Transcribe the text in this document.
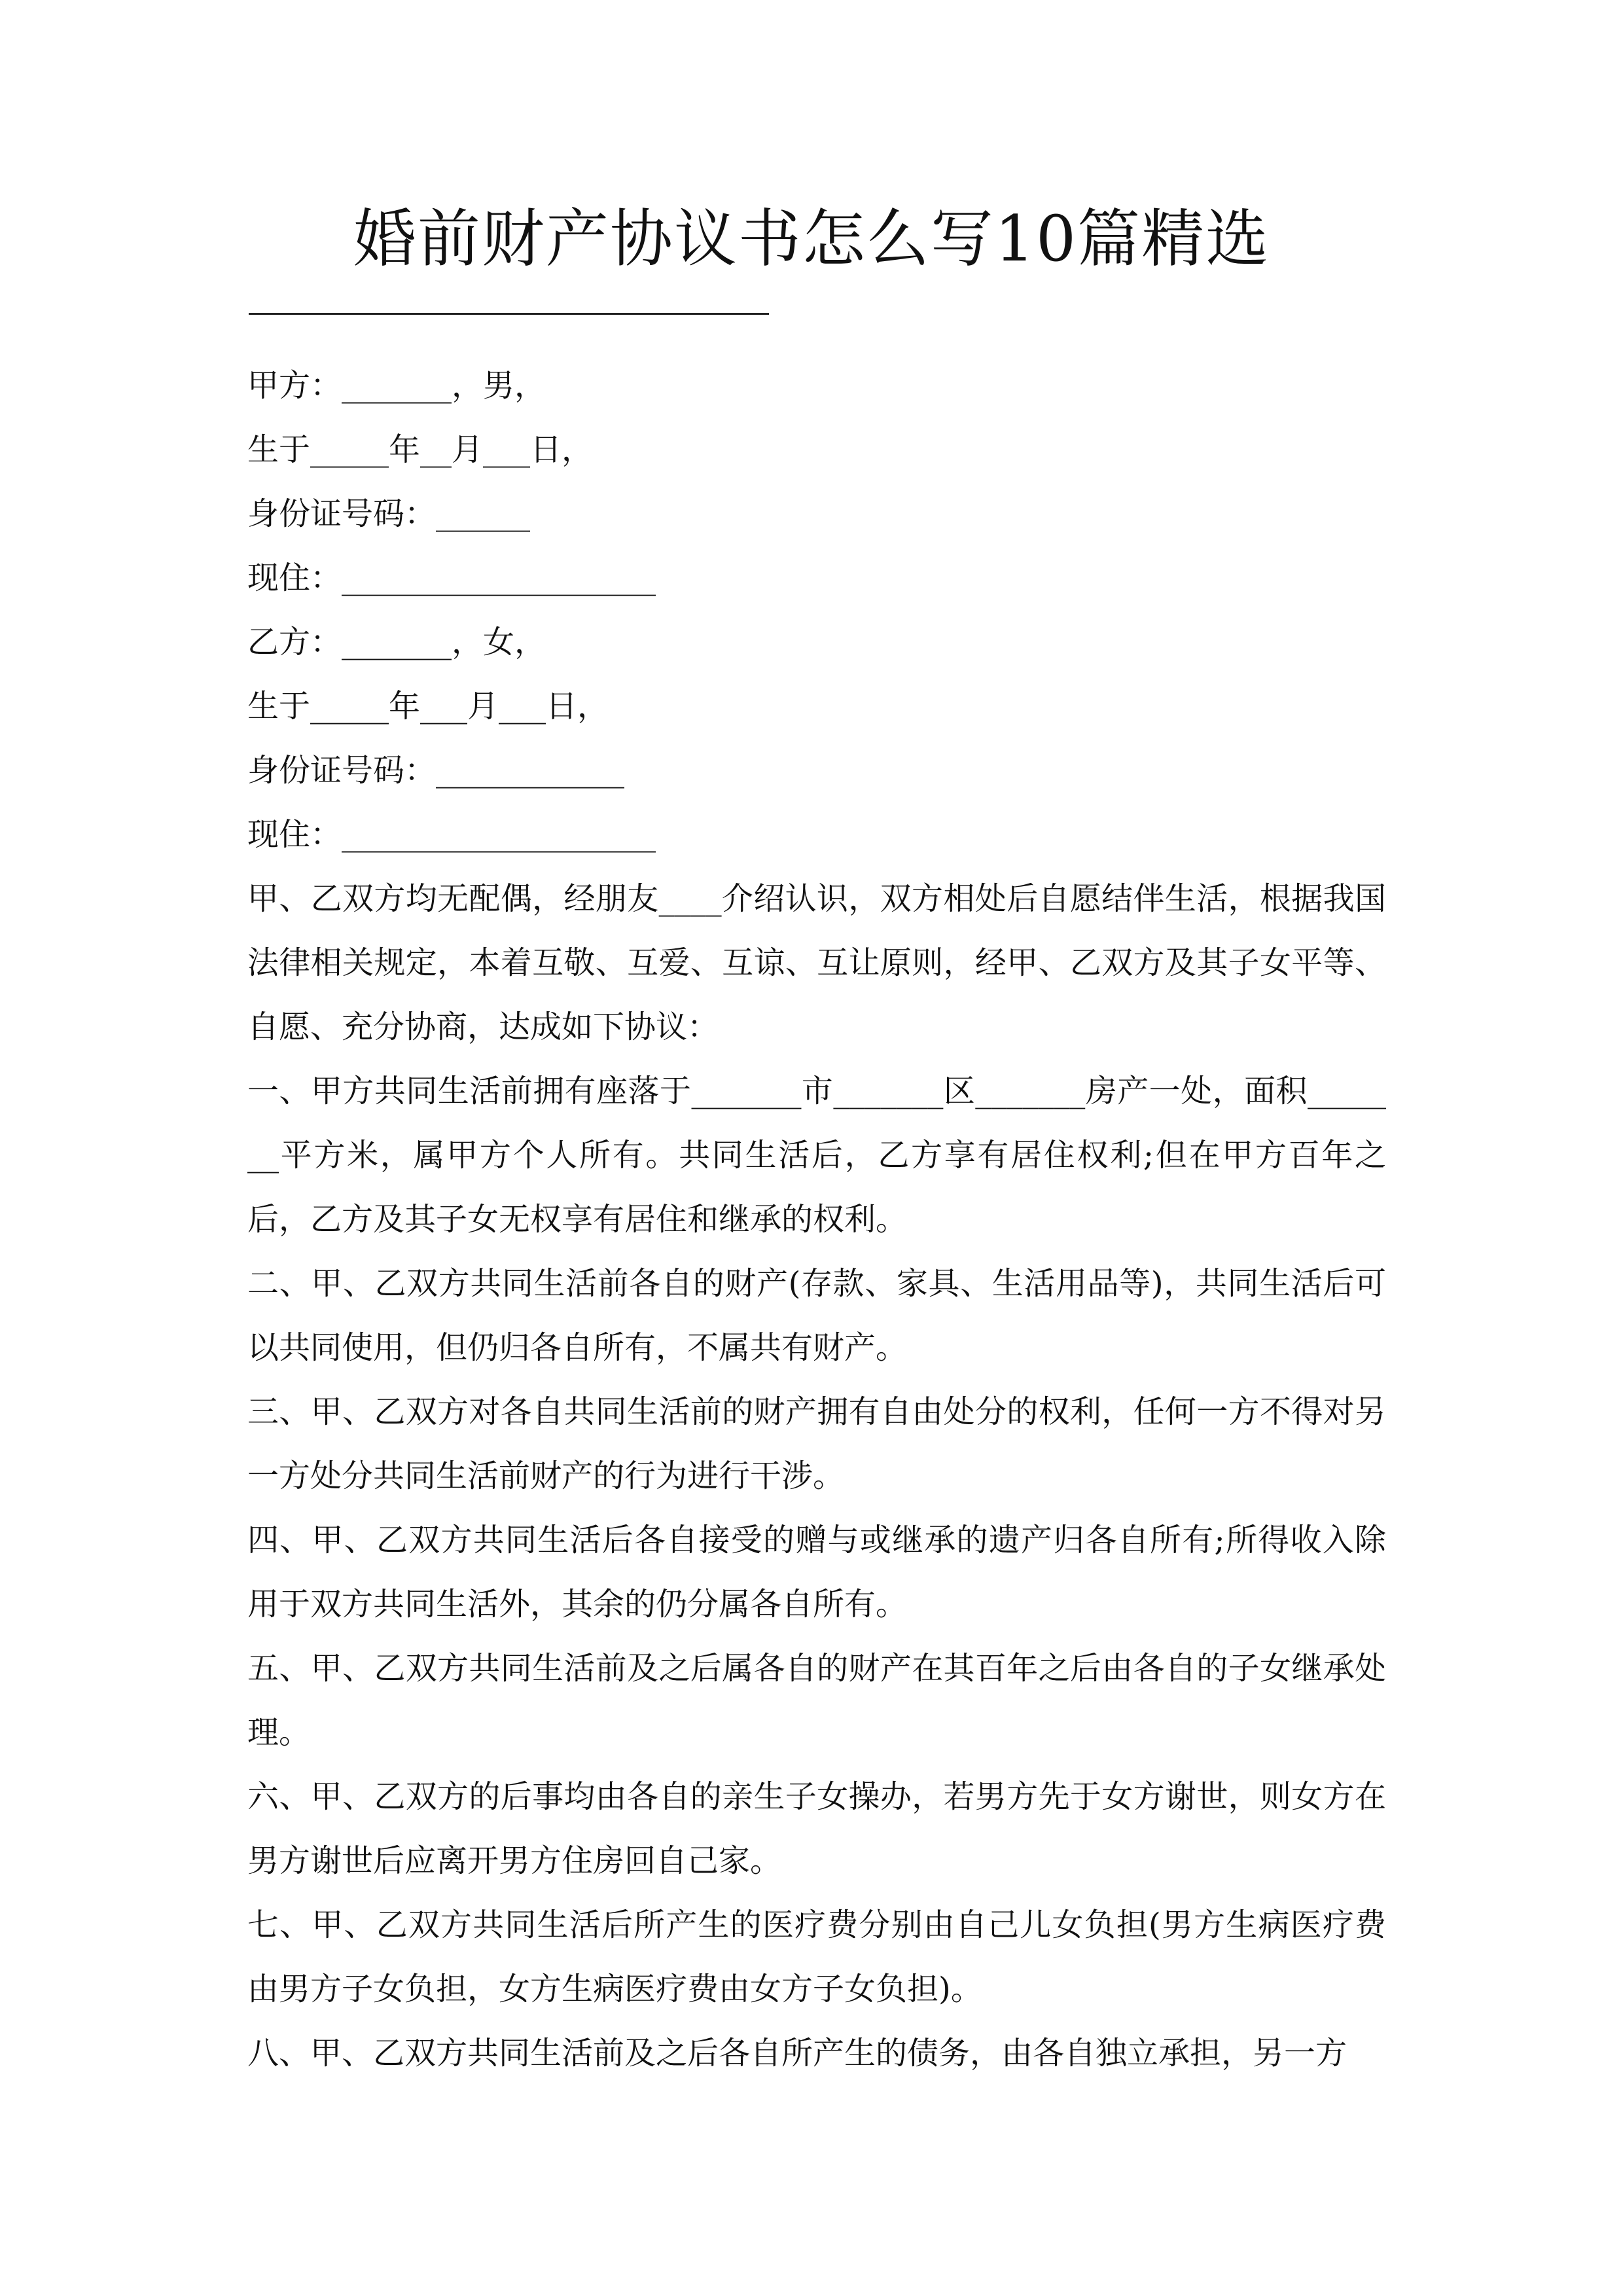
婚前财产协议书怎么写10篇精选

甲方：_______，男，

生于_____年__月___日，

身份证号码：______

现住：____________________

乙方：_______，女，

生于_____年___月___日，

身份证号码：____________

现住：____________________

甲、乙双方均无配偶，经朋友____介绍认识，双方相处后自愿结伴生活，根据我国法律相关规定，本着互敬、互爱、互谅、互让原则，经甲、乙双方及其子女平等、自愿、充分协商，达成如下协议：

一、甲方共同生活前拥有座落于_______市_______区_______房产一处，面积_______平方米，属甲方个人所有。共同生活后，乙方享有居住权利;但在甲方百年之后，乙方及其子女无权享有居住和继承的权利。

二、甲、乙双方共同生活前各自的财产(存款、家具、生活用品等)，共同生活后可以共同使用，但仍归各自所有，不属共有财产。

三、甲、乙双方对各自共同生活前的财产拥有自由处分的权利，任何一方不得对另一方处分共同生活前财产的行为进行干涉。

四、甲、乙双方共同生活后各自接受的赠与或继承的遗产归各自所有;所得收入除用于双方共同生活外，其余的仍分属各自所有。

五、甲、乙双方共同生活前及之后属各自的财产在其百年之后由各自的子女继承处理。

六、甲、乙双方的后事均由各自的亲生子女操办，若男方先于女方谢世，则女方在男方谢世后应离开男方住房回自己家。

七、甲、乙双方共同生活后所产生的医疗费分别由自己儿女负担(男方生病医疗费由男方子女负担，女方生病医疗费由女方子女负担)。

八、甲、乙双方共同生活前及之后各自所产生的债务，由各自独立承担，另一方
